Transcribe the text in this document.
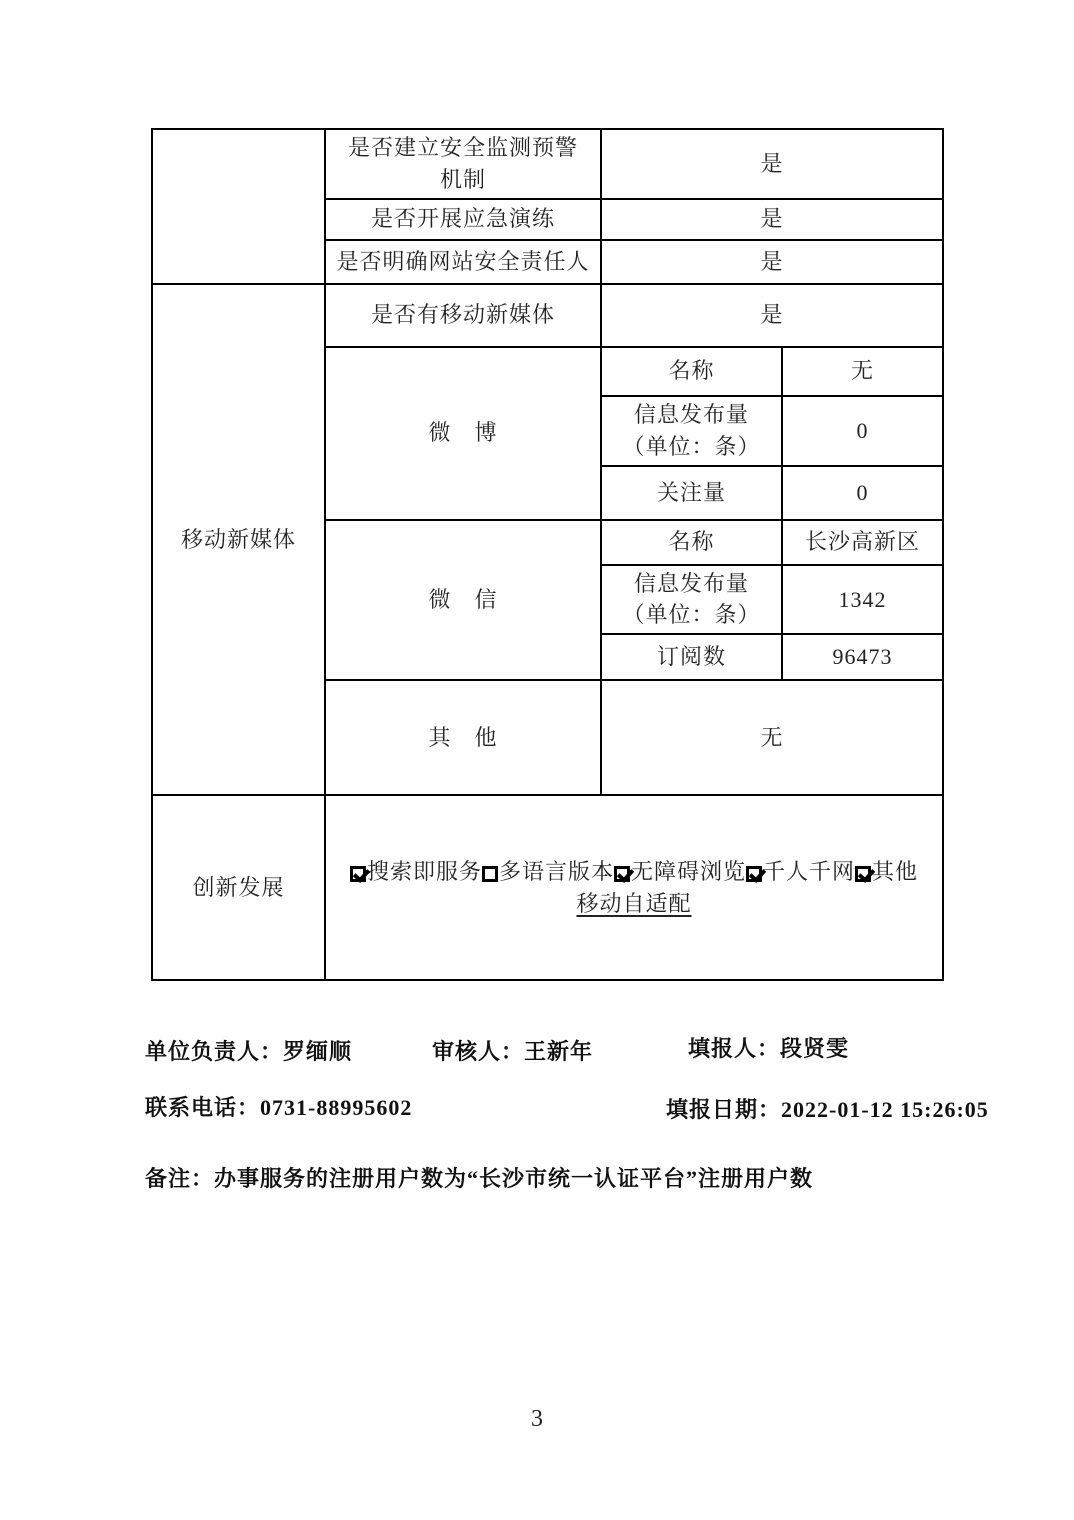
	是否建立安全监测预警
机制	是	
	是否开展应急演练	是	
	是否明确网站安全责任人	是	
移动新媒体	是否有移动新媒体	是	
	微　博	名称	无

		信息发布量
（单位：条）	0
		关注量	0
	微　信	名称	长沙高新区

		信息发布量
（单位：条）	1342
		订阅数	96473
	其　他	无	
创新发展	搜索即服务 多语言版本 无障碍浏览 千人千网 其他
移动自适配		
单位负责人：罗缅顺	审核人：王新年	填报人：段贤雯
联系电话：0731-88995602	填报日期：2022-01-12 15:26:05
备注：办事服务的注册用户数为“长沙市统一认证平台”注册用户数
3
